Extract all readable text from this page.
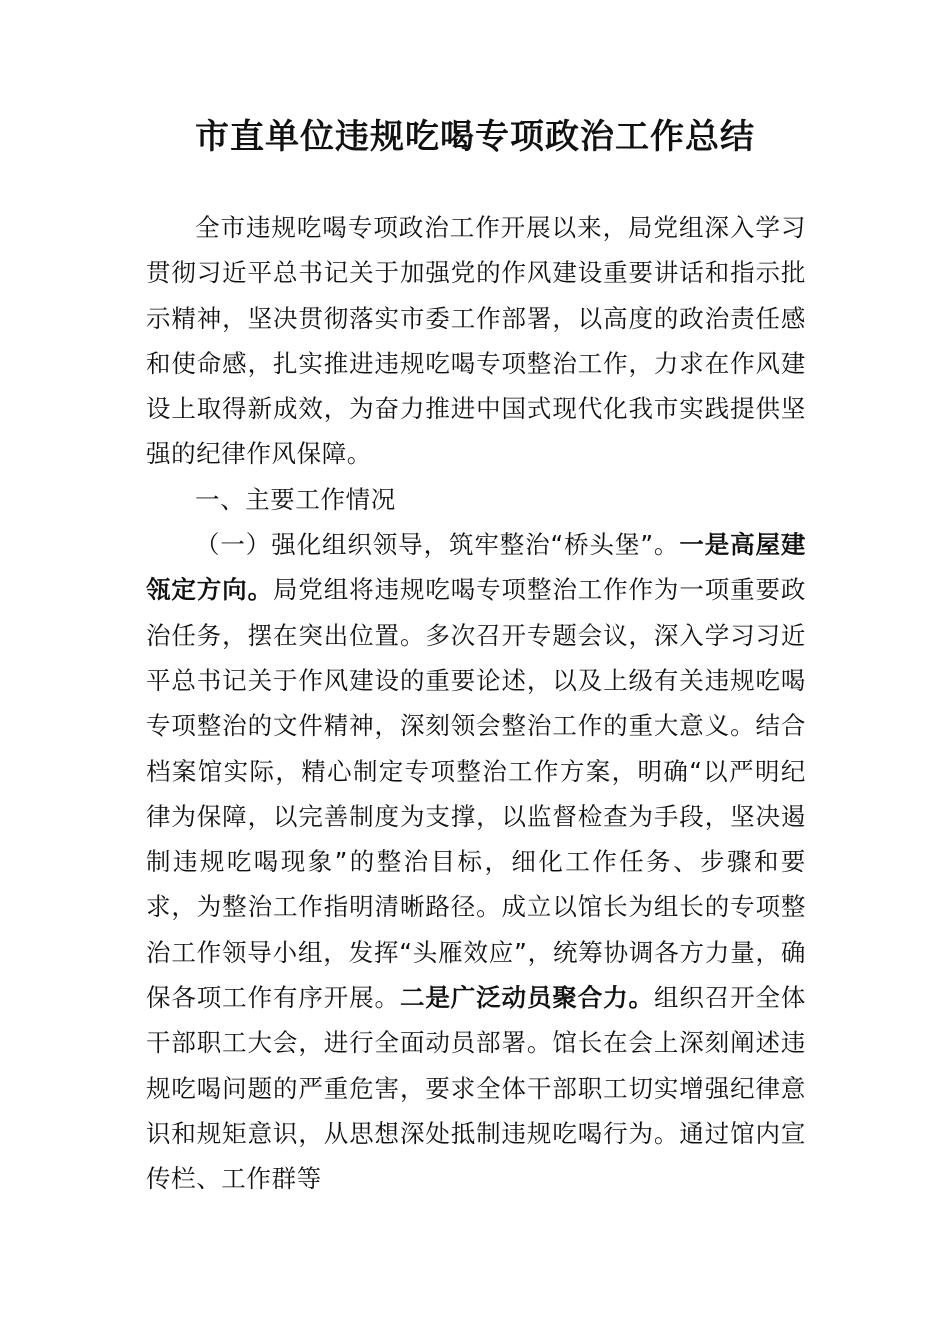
市直单位违规吃喝专项政治工作总结

全市违规吃喝专项政治工作开展以来，局党组深入学习贯彻习近平总书记关于加强党的作风建设重要讲话和指示批示精神，坚决贯彻落实市委工作部署，以高度的政治责任感和使命感，扎实推进违规吃喝专项整治工作，力求在作风建设上取得新成效，为奋力推进中国式现代化我市实践提供坚强的纪律作风保障。

一、主要工作情况

（一）强化组织领导，筑牢整治“桥头堡”。一是高屋建瓴定方向。局党组将违规吃喝专项整治工作作为一项重要政治任务，摆在突出位置。多次召开专题会议，深入学习习近平总书记关于作风建设的重要论述，以及上级有关违规吃喝专项整治的文件精神，深刻领会整治工作的重大意义。结合档案馆实际，精心制定专项整治工作方案，明确“以严明纪律为保障，以完善制度为支撑，以监督检查为手段，坚决遏制违规吃喝现象”的整治目标，细化工作任务、步骤和要求，为整治工作指明清晰路径。成立以馆长为组长的专项整治工作领导小组，发挥“头雁效应”，统筹协调各方力量，确保各项工作有序开展。二是广泛动员聚合力。组织召开全体干部职工大会，进行全面动员部署。馆长在会上深刻阐述违规吃喝问题的严重危害，要求全体干部职工切实增强纪律意识和规矩意识，从思想深处抵制违规吃喝行为。通过馆内宣传栏、工作群等
